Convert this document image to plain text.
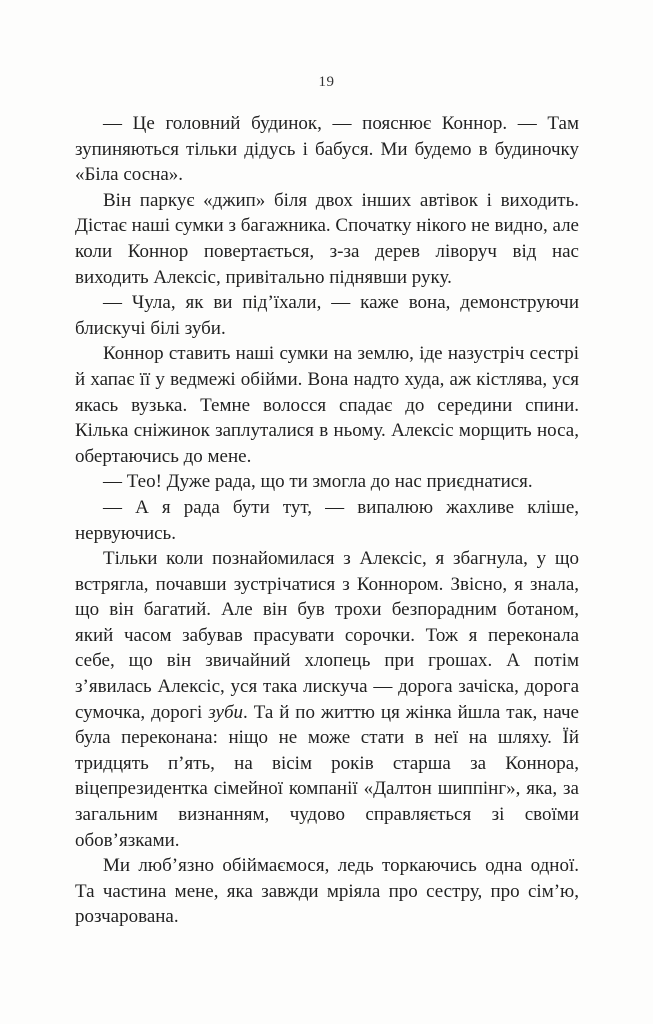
19

— Це головний будинок, — пояснює Коннор. — Там зупиняються тільки дідусь і бабуся. Ми будемо в будиночку «Біла сосна».

Він паркує «джип» біля двох інших автівок і виходить. Дістає наші сумки з багажника. Спочатку нікого не видно, але коли Коннор повертається, з-за дерев ліворуч від нас виходить Алексіс, привітально піднявши руку.

— Чула, як ви під’їхали, — каже вона, демонструючи блискучі білі зуби.

Коннор ставить наші сумки на землю, іде назустріч сестрі й хапає її у ведмежі обійми. Вона надто худа, аж кістлява, уся якась вузька. Темне волосся спадає до середини спини. Кілька сніжинок заплуталися в ньому. Алексіс морщить носа, обертаючись до мене.

— Тео! Дуже рада, що ти змогла до нас приєднатися.

— А я рада бути тут, — випалюю жахливе кліше, нервуючись.

Тільки коли познайомилася з Алексіс, я збагнула, у що встрягла, почавши зустрічатися з Коннором. Звісно, я знала, що він багатий. Але він був трохи безпорадним ботаном, який часом забував прасувати сорочки. Тож я переконала себе, що він звичайний хлопець при грошах. А потім з’явилась Алексіс, уся така лискуча — дорога зачіска, дорога сумочка, дорогі зуби. Та й по життю ця жінка йшла так, наче була переконана: ніщо не може стати в неї на шляху. Їй тридцять п’ять, на вісім років старша за Коннора, віцепрезидентка сімейної компанії «Далтон шиппінг», яка, за загальним визнанням, чудово справляється зі своїми обов’язками.

Ми люб’язно обіймаємося, ледь торкаючись одна одної. Та частина мене, яка завжди мріяла про сестру, про сім’ю, розчарована.
